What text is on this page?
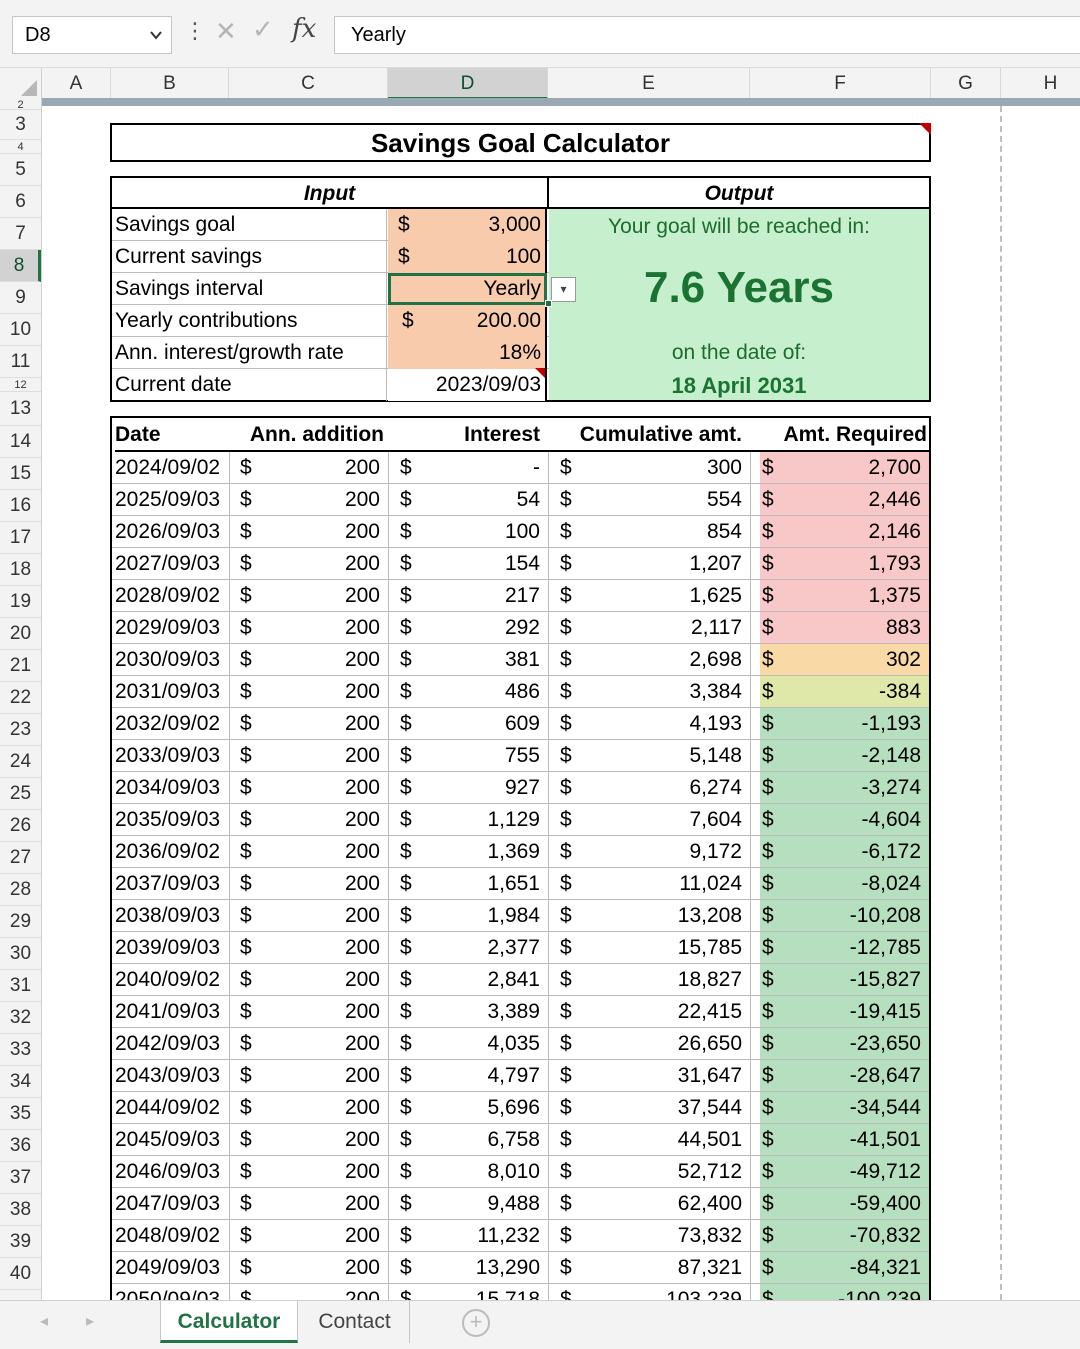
D8	⋮ ✕ ✓ fx	Yearly
A	B	C	D	E	F	G	H
2
3
4
5
6
7
8
9
10
11
12
13
14
15
16
17
18
19
20
21
22
23
24
25
26
27
28
29
30
31
32
33
34
35
36
37
38
39
40
Savings Goal Calculator
Input	Output
Savings goal	$	3,000
Current savings	$	100
Savings interval	Yearly
Yearly contributions	$	200.00
Ann. interest/growth rate	18%
Current date	2023/09/03
Your goal will be reached in:
7.6 Years
on the date of:
18 April 2031
▾
Date	Ann. addition	Interest	Cumulative amt.	Amt. Required
2024/09/02 $	200 $	- $	300 $	2,700
2025/09/03 $	200 $	54 $	554 $	2,446
2026/09/03 $	200 $	100 $	854 $	2,146
2027/09/03 $	200 $	154 $	1,207 $	1,793
2028/09/02 $	200 $	217 $	1,625 $	1,375
2029/09/03 $	200 $	292 $	2,117 $	883
2030/09/03 $	200 $	381 $	2,698 $	302
2031/09/03 $	200 $	486 $	3,384 $	-384
2032/09/02 $	200 $	609 $	4,193 $	-1,193
2033/09/03 $	200 $	755 $	5,148 $	-2,148
2034/09/03 $	200 $	927 $	6,274 $	-3,274
2035/09/03 $	200 $	1,129 $	7,604 $	-4,604
2036/09/02 $	200 $	1,369 $	9,172 $	-6,172
2037/09/03 $	200 $	1,651 $	11,024 $	-8,024
2038/09/03 $	200 $	1,984 $	13,208 $	-10,208
2039/09/03 $	200 $	2,377 $	15,785 $	-12,785
2040/09/02 $	200 $	2,841 $	18,827 $	-15,827
2041/09/03 $	200 $	3,389 $	22,415 $	-19,415
2042/09/03 $	200 $	4,035 $	26,650 $	-23,650
2043/09/03 $	200 $	4,797 $	31,647 $	-28,647
2044/09/02 $	200 $	5,696 $	37,544 $	-34,544
2045/09/03 $	200 $	6,758 $	44,501 $	-41,501
2046/09/03 $	200 $	8,010 $	52,712 $	-49,712
2047/09/03 $	200 $	9,488 $	62,400 $	-59,400
2048/09/02 $	200 $	11,232 $	73,832 $	-70,832
2049/09/03 $	200 $	13,290 $	87,321 $	-84,321
◂ ▸	Calculator	Contact	+
